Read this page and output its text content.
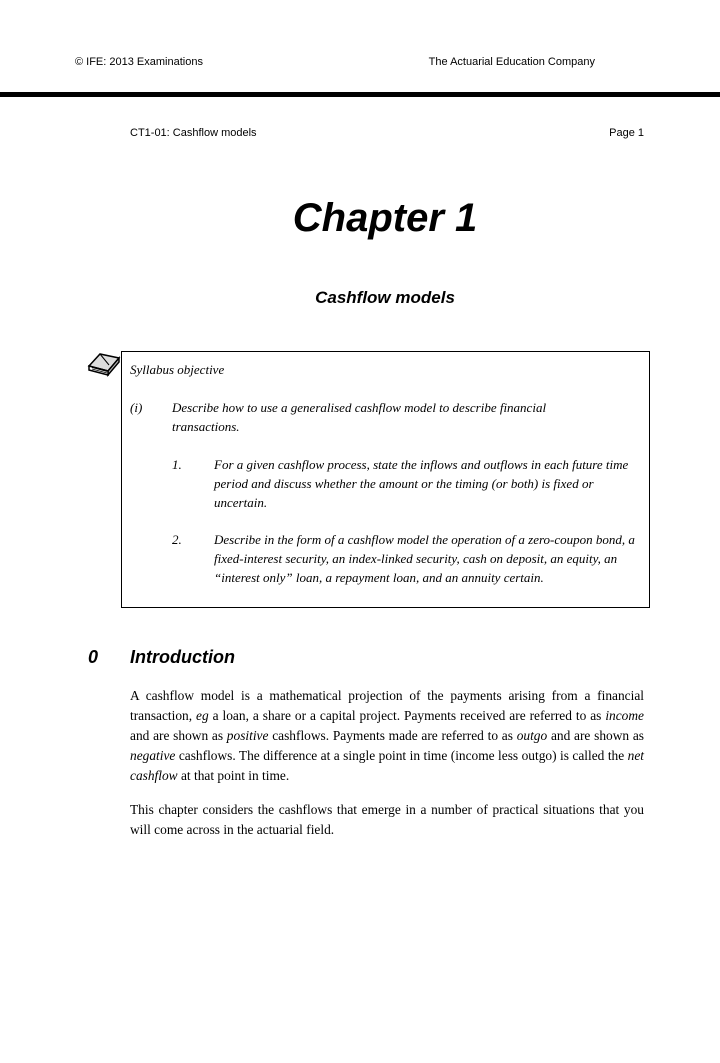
© IFE: 2013 Examinations	The Actuarial Education Company
CT1-01: Cashflow models	Page 1
Chapter 1
Cashflow models
Syllabus objective
(i) Describe how to use a generalised cashflow model to describe financial transactions.
1. For a given cashflow process, state the inflows and outflows in each future time period and discuss whether the amount or the timing (or both) is fixed or uncertain.
2. Describe in the form of a cashflow model the operation of a zero-coupon bond, a fixed-interest security, an index-linked security, cash on deposit, an equity, an “interest only” loan, a repayment loan, and an annuity certain.
0 Introduction

A cashflow model is a mathematical projection of the payments arising from a financial transaction, eg a loan, a share or a capital project. Payments received are referred to as income and are shown as positive cashflows. Payments made are referred to as outgo and are shown as negative cashflows. The difference at a single point in time (income less outgo) is called the net cashflow at that point in time.

This chapter considers the cashflows that emerge in a number of practical situations that you will come across in the actuarial field.
